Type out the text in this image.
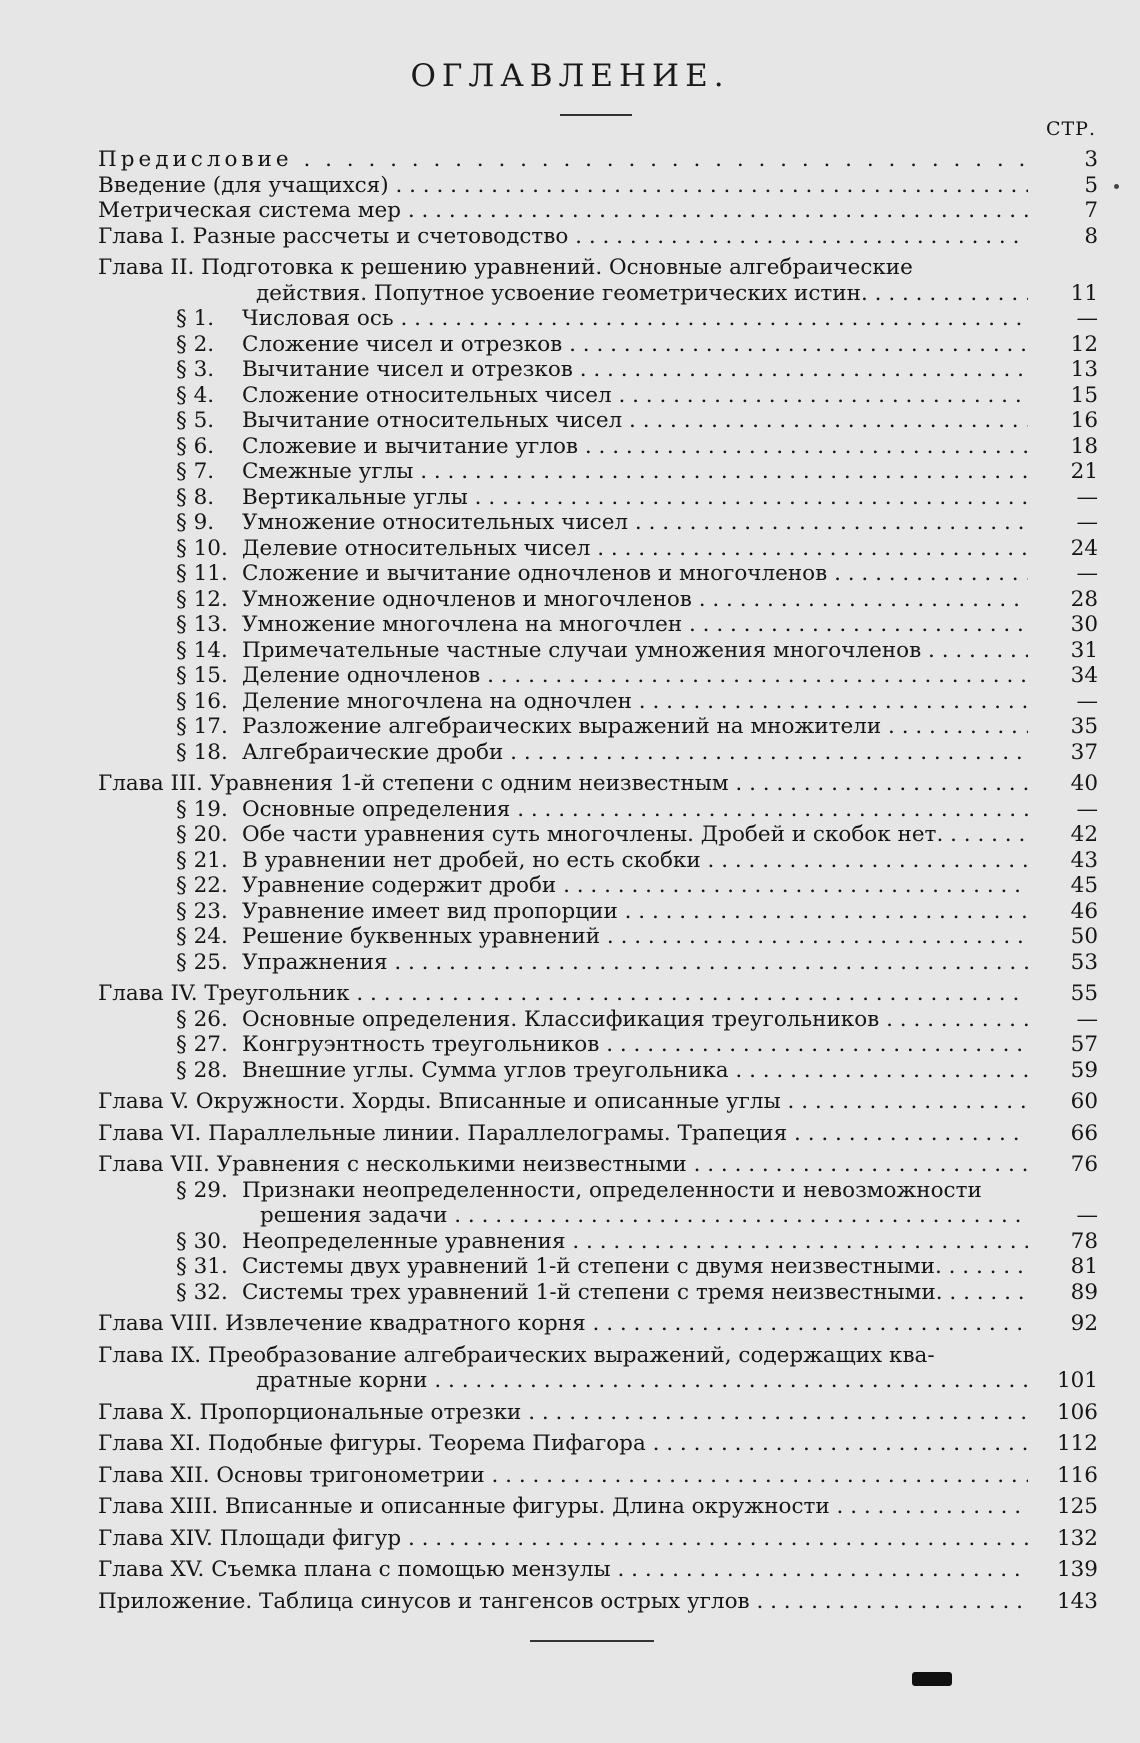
ОГЛАВЛЕНИЕ.
СТР.
Предисловие . . .	3
Введение (для учащихся) . . .	5
Метрическая система мер . . .	7
Глава I. Разные рассчеты и счетоводство . . .	8
Глава II. Подготовка к решению уравнений. Основные алгебраические
действия. Попутное усвоение геометрических истин. . . .	11
§ 1. Числовая ось . . .	—
§ 2. Сложение чисел и отрезков . . .	12
§ 3. Вычитание чисел и отрезков . . .	13
§ 4. Сложение относительных чисел . . .	15
§ 5. Вычитание относительных чисел . . .	16
§ 6. Сложевие и вычитание углов . . .	18
§ 7. Смежные углы . . .	21
§ 8. Вертикальные углы . . .	—
§ 9. Умножение относительных чисел . . .	—
§ 10. Делевие относительных чисел . . .	24
§ 11. Сложение и вычитание одночленов и многочленов . . .	—
§ 12. Умножение одночленов и многочленов . . .	28
§ 13. Умножение многочлена на многочлен . . .	30
§ 14. Примечательные частные случаи умножения многочленов . . .	31
§ 15. Деление одночленов . . .	34
§ 16. Деление многочлена на одночлен . . .	—
§ 17. Разложение алгебраических выражений на множители . . .	35
§ 18. Алгебраические дроби . . .	37
Глава III. Уравнения 1-й степени с одним неизвестным . . .	40
§ 19. Основные определения . . .	—
§ 20. Обе части уравнения суть многочлены. Дробей и скобок нет. . . .	42
§ 21. В уравнении нет дробей, но есть скобки . . .	43
§ 22. Уравнение содержит дроби . . .	45
§ 23. Уравнение имеет вид пропорции . . .	46
§ 24. Решение буквенных уравнений . . .	50
§ 25. Упражнения . . .	53
Глава IV. Треугольник . . .	55
§ 26. Основные определения. Классификация треугольников . . .	—
§ 27. Конгруэнтность треугольников . . .	57
§ 28. Внешние углы. Сумма углов треугольника . . .	59
Глава V. Окружности. Хорды. Вписанные и описанные углы . . .	60
Глава VI. Параллельные линии. Параллелограмы. Трапеция . . .	66
Глава VII. Уравнения с несколькими неизвестными . . .	76
§ 29. Признаки неопределенности, определенности и невозможности
решения задачи . . .	—
§ 30. Неопределенные уравнения . . .	78
§ 31. Системы двух уравнений 1-й степени с двумя неизвестными. . . .	81
§ 32. Системы трех уравнений 1-й степени с тремя неизвестными. . . .	89
Глава VIII. Извлечение квадратного корня . . .	92
Глава IX. Преобразование алгебраических выражений, содержащих ква-
дратные корни . . .	101
Глава X. Пропорциональные отрезки . . .	106
Глава XI. Подобные фигуры. Теорема Пифагора . . .	112
Глава XII. Основы тригонометрии . . .	116
Глава XIII. Вписанные и описанные фигуры. Длина окружности . . .	125
Глава XIV. Площади фигур . . .	132
Глава XV. Съемка плана с помощью мензулы . . .	139
Приложение. Таблица синусов и тангенсов острых углов . . .	143
